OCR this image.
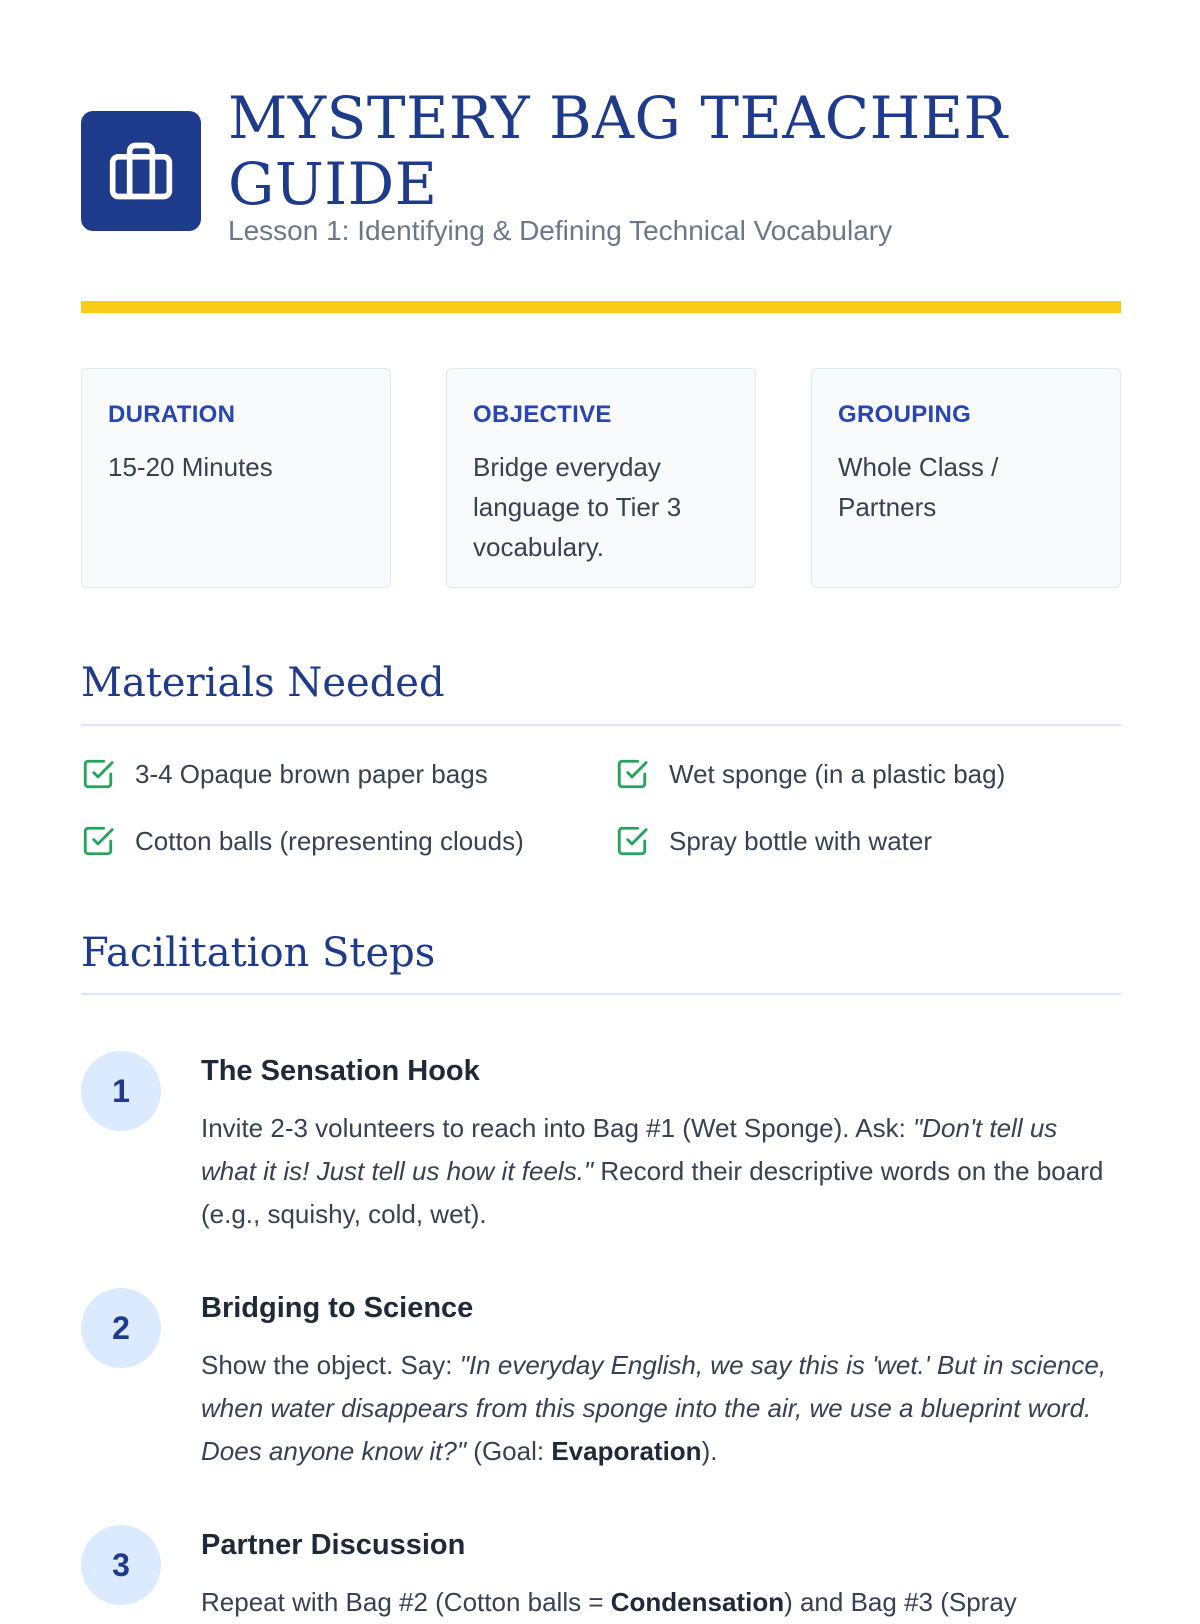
MYSTERY BAG TEACHER GUIDE
Lesson 1: Identifying & Defining Technical Vocabulary
DURATION
15-20 Minutes
OBJECTIVE
Bridge everyday language to Tier 3 vocabulary.
GROUPING
Whole Class / Partners
Materials Needed
3-4 Opaque brown paper bags	Wet sponge (in a plastic bag)
Cotton balls (representing clouds)	Spray bottle with water
Facilitation Steps
1
The Sensation Hook
Invite 2-3 volunteers to reach into Bag #1 (Wet Sponge). Ask: "Don't tell us what it is! Just tell us how it feels." Record their descriptive words on the board (e.g., squishy, cold, wet).
2
Bridging to Science
Show the object. Say: "In everyday English, we say this is 'wet.' But in science, when water disappears from this sponge into the air, we use a blueprint word. Does anyone know it?" (Goal: Evaporation).
3
Partner Discussion
Repeat with Bag #2 (Cotton balls = Condensation) and Bag #3 (Spray
